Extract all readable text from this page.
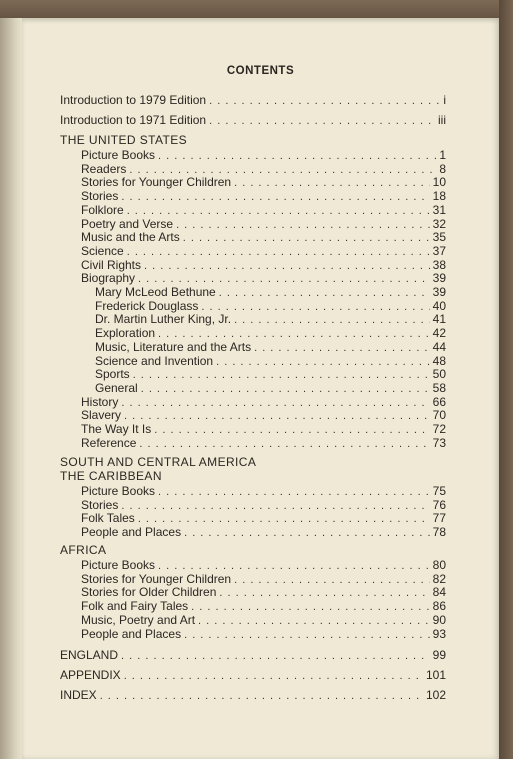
CONTENTS
Introduction to 1979 Edition . . .	i
Introduction to 1971 Edition . . .	iii
THE UNITED STATES
Picture Books . . .	1
Readers . . .	8
Stories for Younger Children . . .	10
Stories . . .	18
Folklore . . .	31
Poetry and Verse . . .	32
Music and the Arts . . .	35
Science . . .	37
Civil Rights . . .	38
Biography . . .	39
Mary McLeod Bethune . . .	39
Frederick Douglass . . .	40
Dr. Martin Luther King, Jr. . . .	41
Exploration . . .	42
Music, Literature and the Arts . . .	44
Science and Invention . . .	48
Sports . . .	50
General . . .	58
History . . .	66
Slavery . . .	70
The Way It Is . . .	72
Reference . . .	73
SOUTH AND CENTRAL AMERICA
THE CARIBBEAN
Picture Books . . .	75
Stories . . .	76
Folk Tales . . .	77
People and Places . . .	78
AFRICA
Picture Books . . .	80
Stories for Younger Children . . .	82
Stories for Older Children . . .	84
Folk and Fairy Tales . . .	86
Music, Poetry and Art . . .	90
People and Places . . .	93
ENGLAND . . .	99
APPENDIX . . .	101
INDEX . . .	102
